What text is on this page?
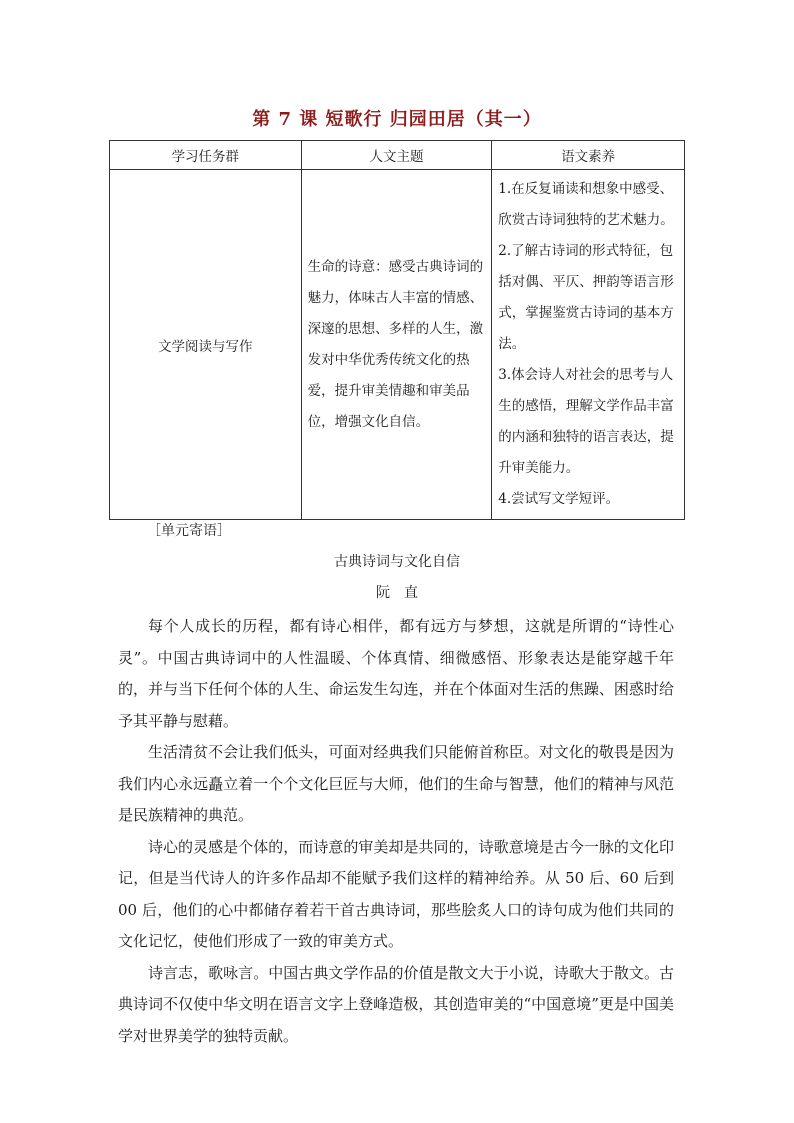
第 7 课 短歌行 归园田居（其一）
学习任务群	人文主题	语文素养
文学阅读与写作	生命的诗意：感受古典诗词的魅力，体味古人丰富的情感、深邃的思想、多样的人生，激发对中华优秀传统文化的热爱，提升审美情趣和审美品位，增强文化自信。	1.在反复诵读和想象中感受、欣赏古诗词独特的艺术魅力。
2.了解古诗词的形式特征，包括对偶、平仄、押韵等语言形式，掌握鉴赏古诗词的基本方法。
3.体会诗人对社会的思考与人生的感悟，理解文学作品丰富的内涵和独特的语言表达，提升审美能力。
4.尝试写文学短评。
［单元寄语］
古典诗词与文化自信
阮直

每个人成长的历程，都有诗心相伴，都有远方与梦想，这就是所谓的“诗性心灵”。中国古典诗词中的人性温暖、个体真情、细微感悟、形象表达是能穿越千年的，并与当下任何个体的人生、命运发生勾连，并在个体面对生活的焦躁、困惑时给予其平静与慰藉。

生活清贫不会让我们低头，可面对经典我们只能俯首称臣。对文化的敬畏是因为我们内心永远矗立着一个个文化巨匠与大师，他们的生命与智慧，他们的精神与风范是民族精神的典范。

诗心的灵感是个体的，而诗意的审美却是共同的，诗歌意境是古今一脉的文化印记，但是当代诗人的许多作品却不能赋予我们这样的精神给养。从 50 后、60 后到 00 后，他们的心中都储存着若干首古典诗词，那些脍炙人口的诗句成为他们共同的文化记忆，使他们形成了一致的审美方式。

诗言志，歌咏言。中国古典文学作品的价值是散文大于小说，诗歌大于散文。古典诗词不仅使中华文明在语言文字上登峰造极，其创造审美的“中国意境”更是中国美学对世界美学的独特贡献。
